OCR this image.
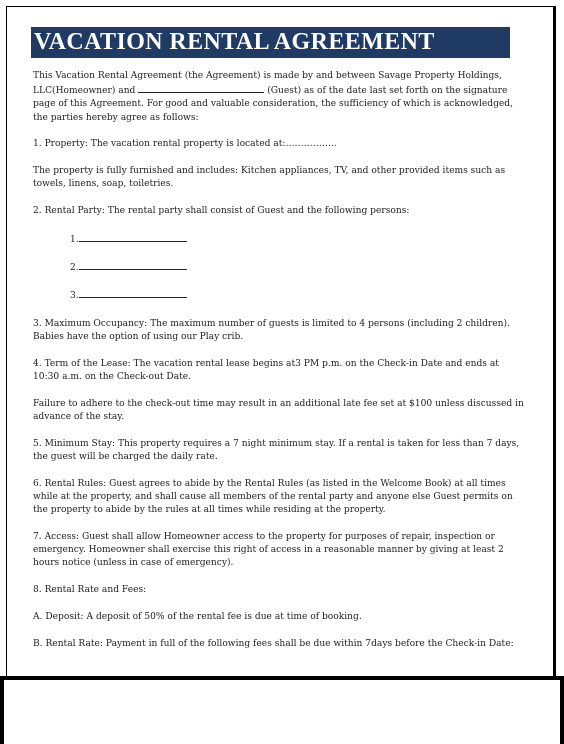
VACATION RENTAL AGREEMENT

This Vacation Rental Agreement (the Agreement) is made by and between Savage Property Holdings, LLC(Homeowner) and	(Guest) as of the date last set forth on the signature page of this Agreement. For good and valuable consideration, the sufficiency of which is acknowledged, the parties hereby agree as follows:

1. Property: The vacation rental property is located at:……………..

The property is fully furnished and includes: Kitchen appliances, TV, and other provided items such as towels, linens, soap, toiletries.

2. Rental Party: The rental party shall consist of Guest and the following persons:

1.
2.
3.

3. Maximum Occupancy: The maximum number of guests is limited to 4 persons (including 2 children). Babies have the option of using our Play crib.

4. Term of the Lease: The vacation rental lease begins at3 PM p.m. on the Check-in Date and ends at 10:30 a.m. on the Check-out Date.

Failure to adhere to the check-out time may result in an additional late fee set at $100 unless discussed in advance of the stay.

5. Minimum Stay: This property requires a 7 night minimum stay. If a rental is taken for less than 7 days, the guest will be charged the daily rate.

6. Rental Rules: Guest agrees to abide by the Rental Rules (as listed in the Welcome Book) at all times while at the property, and shall cause all members of the rental party and anyone else Guest permits on the property to abide by the rules at all times while residing at the property.

7. Access: Guest shall allow Homeowner access to the property for purposes of repair, inspection or emergency. Homeowner shall exercise this right of access in a reasonable manner by giving at least 2 hours notice (unless in case of emergency).

8. Rental Rate and Fees:

A. Deposit: A deposit of 50% of the rental fee is due at time of booking.

B. Rental Rate: Payment in full of the following fees shall be due within 7days before the Check-in Date:
